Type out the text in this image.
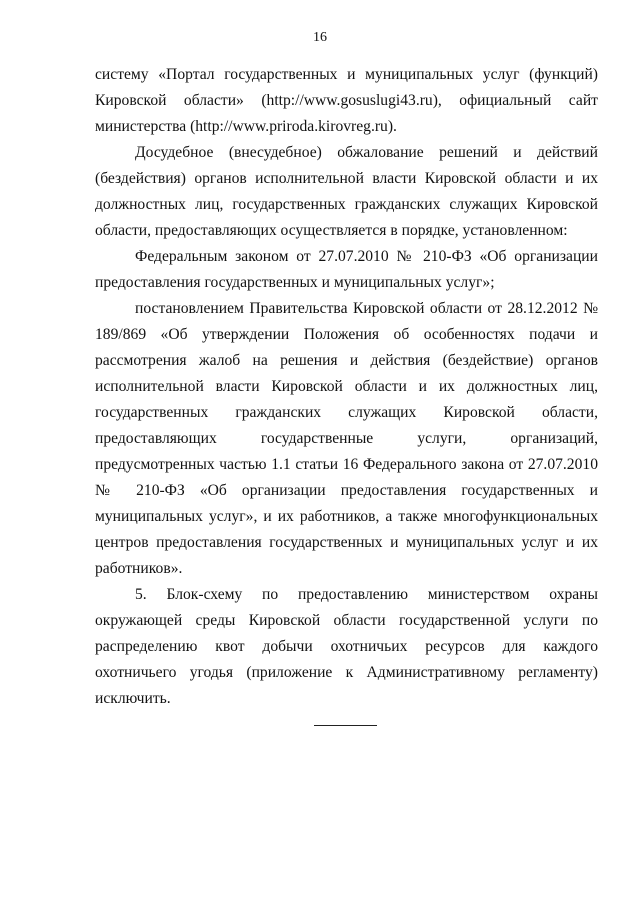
16

систему «Портал государственных и муниципальных услуг (функций) Кировской области» (http://www.gosuslugi43.ru), официальный сайт министерства (http://www.priroda.kirovreg.ru).

Досудебное (внесудебное) обжалование решений и действий (бездействия) органов исполнительной власти Кировской области и их должностных лиц, государственных гражданских служащих Кировской области, предоставляющих осуществляется в порядке, установленном:

Федеральным законом от 27.07.2010 № 210-ФЗ «Об организации предоставления государственных и муниципальных услуг»;

постановлением Правительства Кировской области от 28.12.2012 № 189/869 «Об утверждении Положения об особенностях подачи и рассмотрения жалоб на решения и действия (бездействие) органов исполнительной власти Кировской области и их должностных лиц, государственных гражданских служащих Кировской области, предоставляющих государственные услуги, организаций, предусмотренных частью 1.1 статьи 16 Федерального закона от 27.07.2010 № 210-ФЗ «Об организации предоставления государственных и муниципальных услуг», и их работников, а также многофункциональных центров предоставления государственных и муниципальных услуг и их работников».

5. Блок-схему по предоставлению министерством охраны окружающей среды Кировской области государственной услуги по распределению квот добычи охотничьих ресурсов для каждого охотничьего угодья (приложение к Административному регламенту) исключить.
